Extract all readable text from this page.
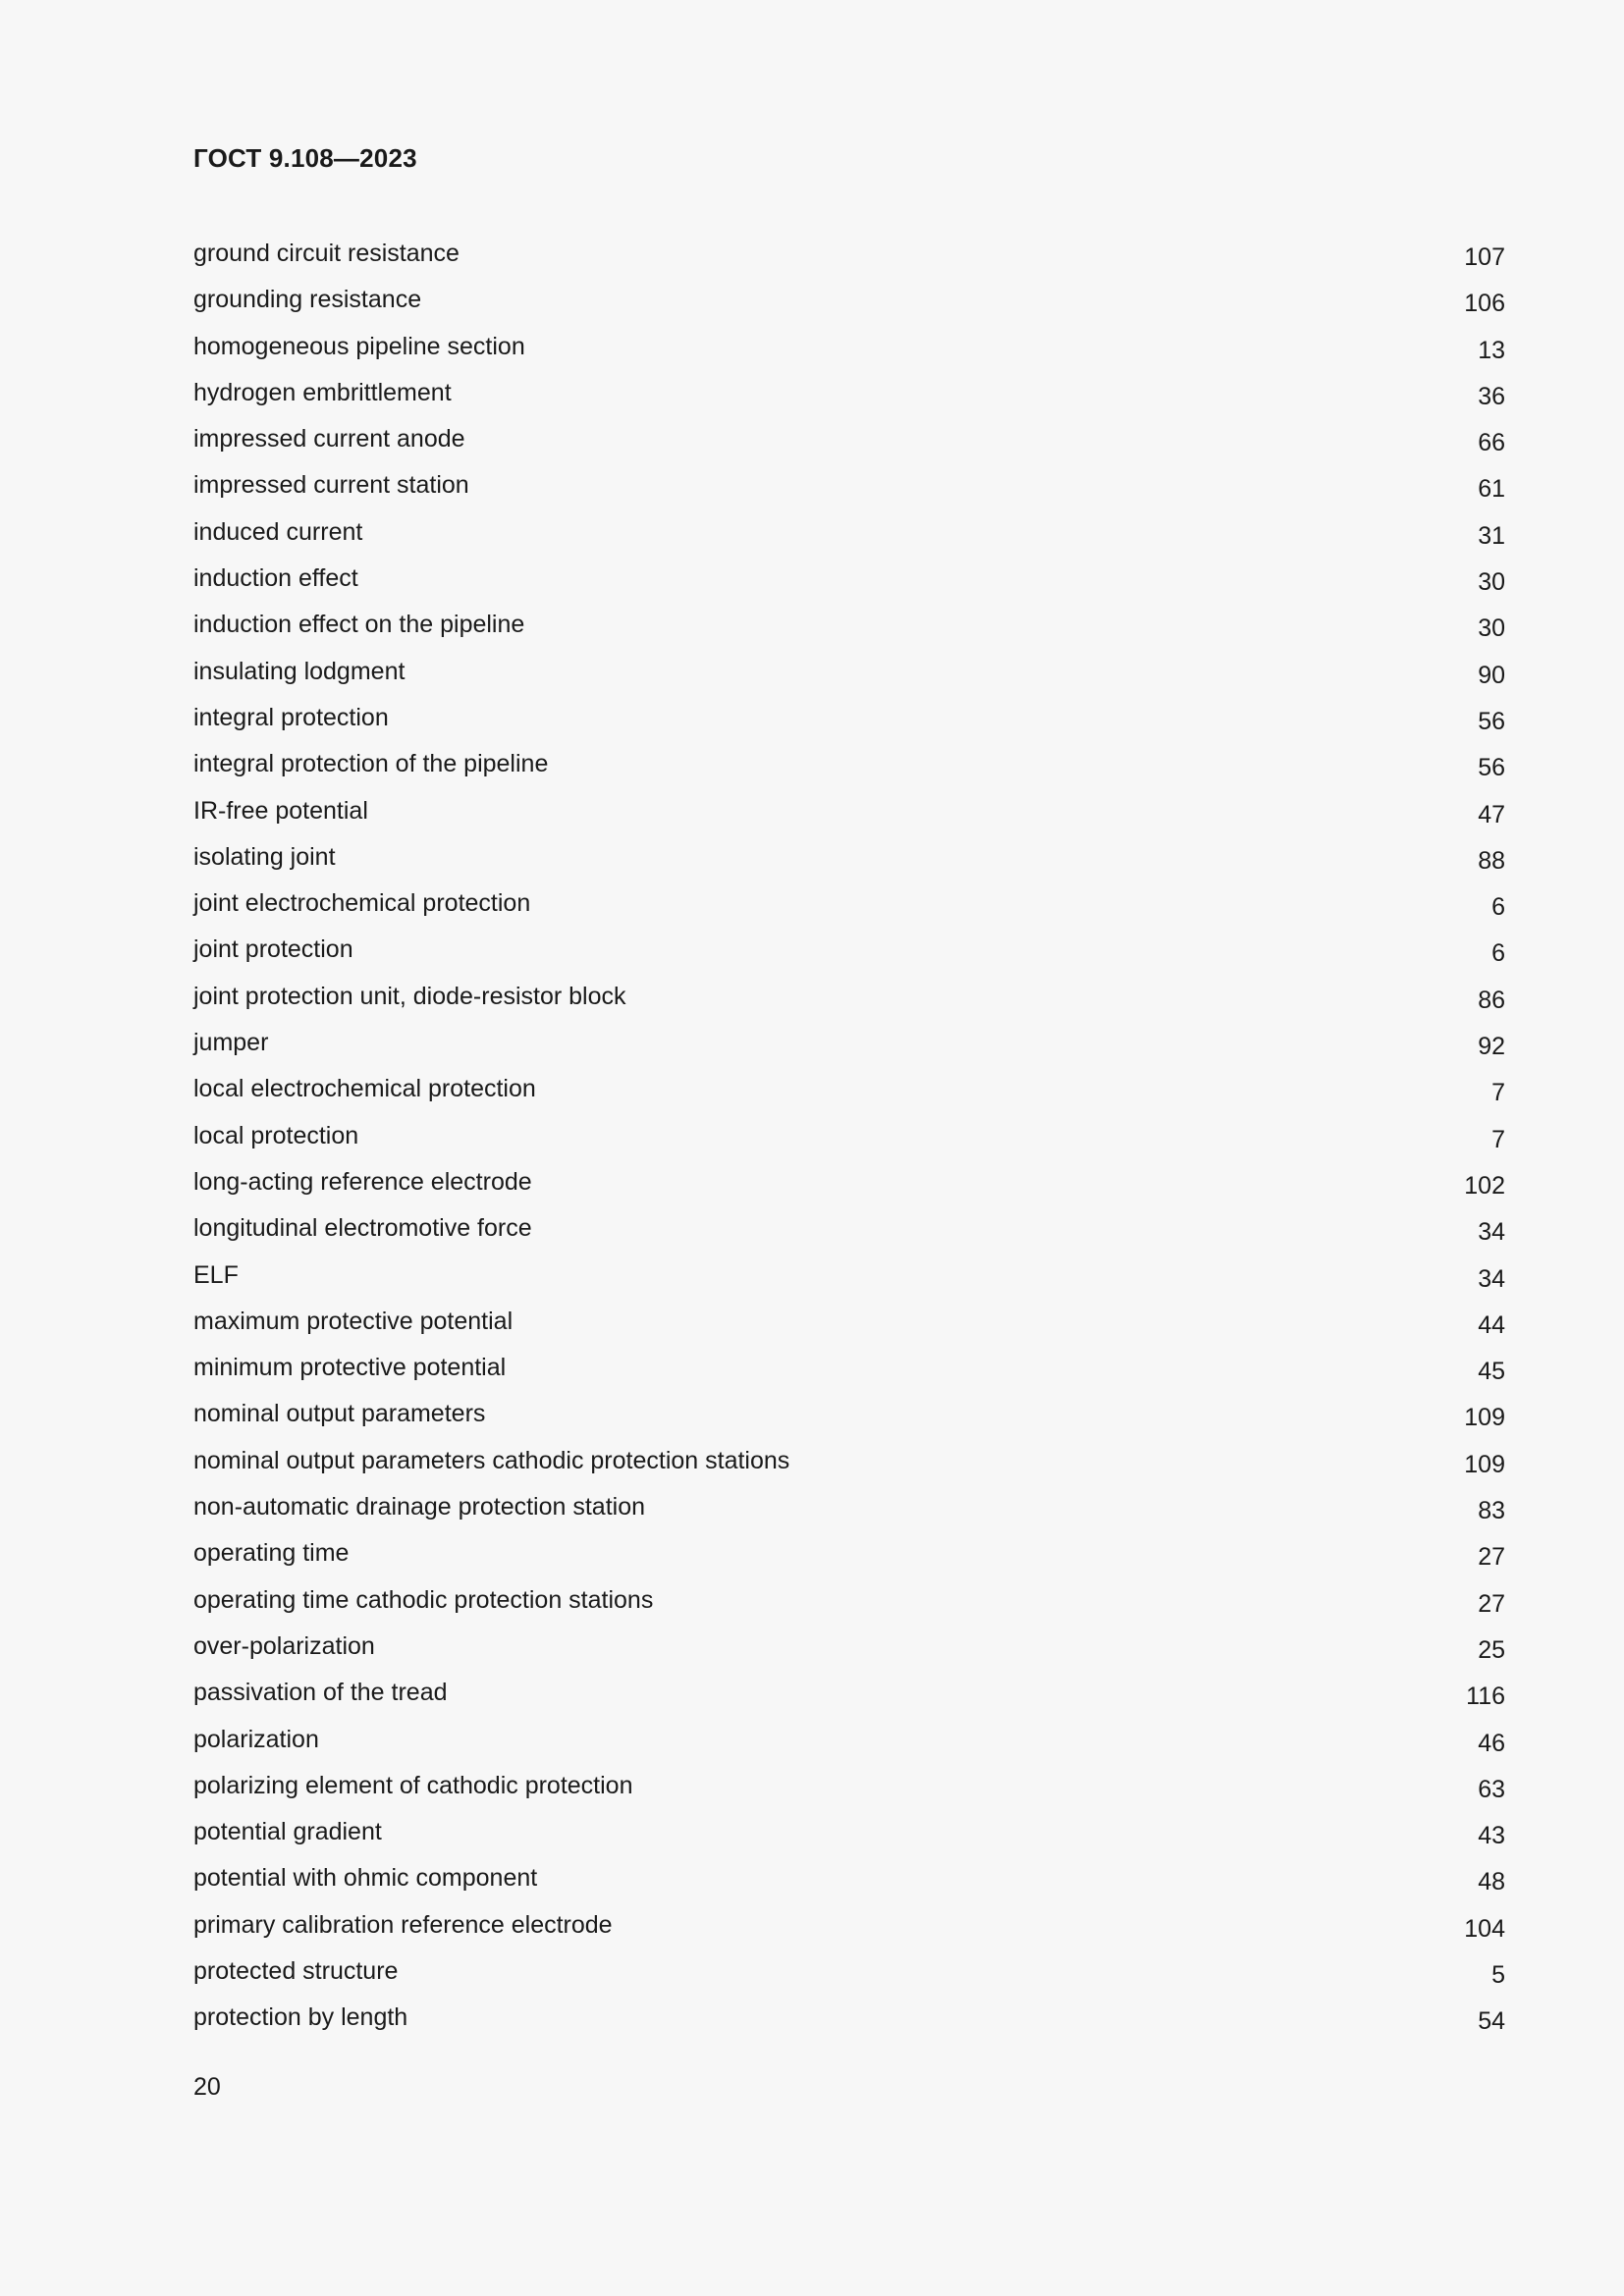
ГОСТ 9.108—2023
ground circuit resistance	107
grounding resistance	106
homogeneous pipeline section	13
hydrogen embrittlement	36
impressed current anode	66
impressed current station	61
induced current	31
induction effect	30
induction effect on the pipeline	30
insulating lodgment	90
integral protection	56
integral protection of the pipeline	56
IR-free potential	47
isolating joint	88
joint electrochemical protection	6
joint protection	6
joint protection unit, diode-resistor block	86
jumper	92
local electrochemical protection	7
local protection	7
long-acting reference electrode	102
longitudinal electromotive force	34
ELF	34
maximum protective potential	44
minimum protective potential	45
nominal output parameters	109
nominal output parameters cathodic protection stations	109
non-automatic drainage protection station	83
operating time	27
operating time cathodic protection stations	27
over-polarization	25
passivation of the tread	116
polarization	46
polarizing element of cathodic protection	63
potential gradient	43
potential with ohmic component	48
primary calibration reference electrode	104
protected structure	5
protection by length	54
20
